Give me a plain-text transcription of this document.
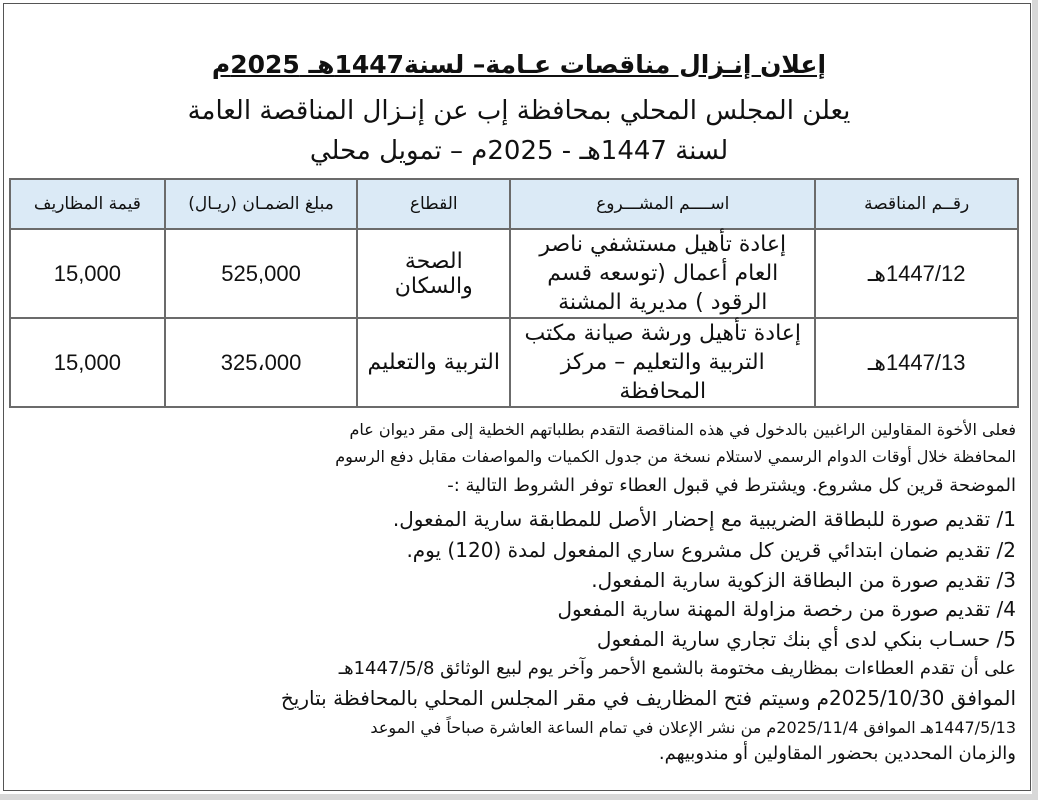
إعلان إنـزال مناقصات عـامة– لسنة1447هـ 2025م
يعلن المجلس المحلي بمحافظة إب عن إنـزال المناقصة العامة
لسنة 1447هـ - 2025م – تمويل محلي
رقــم المناقصة	اســــم المشـــروع	القطاع	مبلغ الضمـان (ريـال)	قيمة المظاريف
1447/12هـ	إعادة تأهيل مستشفي ناصر العام أعمال (توسعه قسم الرقود ) مديرية المشنة	الصحة والسكان	525,000	15,000
1447/13هـ	إعادة تأهيل ورشة صيانة مكتب التربية والتعليم – مركز المحافظة	التربية والتعليم	325،000	15,000
فعلى الأخوة المقاولين الراغبين بالدخول في هذه المناقصة التقدم بطلباتهم الخطية إلى مقر ديوان عام
المحافظة خلال أوقات الدوام الرسمي لاستلام نسخة من جدول الكميات والمواصفات مقابل دفع الرسوم
الموضحة قرين كل مشروع. ويشترط في قبول العطاء توفر الشروط التالية :-
1/ تقديم صورة للبطاقة الضريبية مع إحضار الأصل للمطابقة سارية المفعول.
2/ تقديم ضمان ابتدائي قرين كل مشروع ساري المفعول لمدة (120) يوم.
3/ تقديم صورة من البطاقة الزكوية سارية المفعول.
4/ تقديم صورة من رخصة مزاولة المهنة سارية المفعول
5/ حسـاب بنكي لدى أي بنك تجاري سارية المفعول
على أن تقدم العطاءات بمظاريف مختومة بالشمع الأحمر وآخر يوم لبيع الوثائق 1447/5/8هـ
الموافق 2025/10/30م وسيتم فتح المظاريف في مقر المجلس المحلي بالمحافظة بتاريخ
1447/5/13هـ الموافق 2025/11/4م من نشر الإعلان في تمام الساعة العاشرة صباحاً في الموعد
والزمان المحددين بحضور المقاولين أو مندوبيهم.
